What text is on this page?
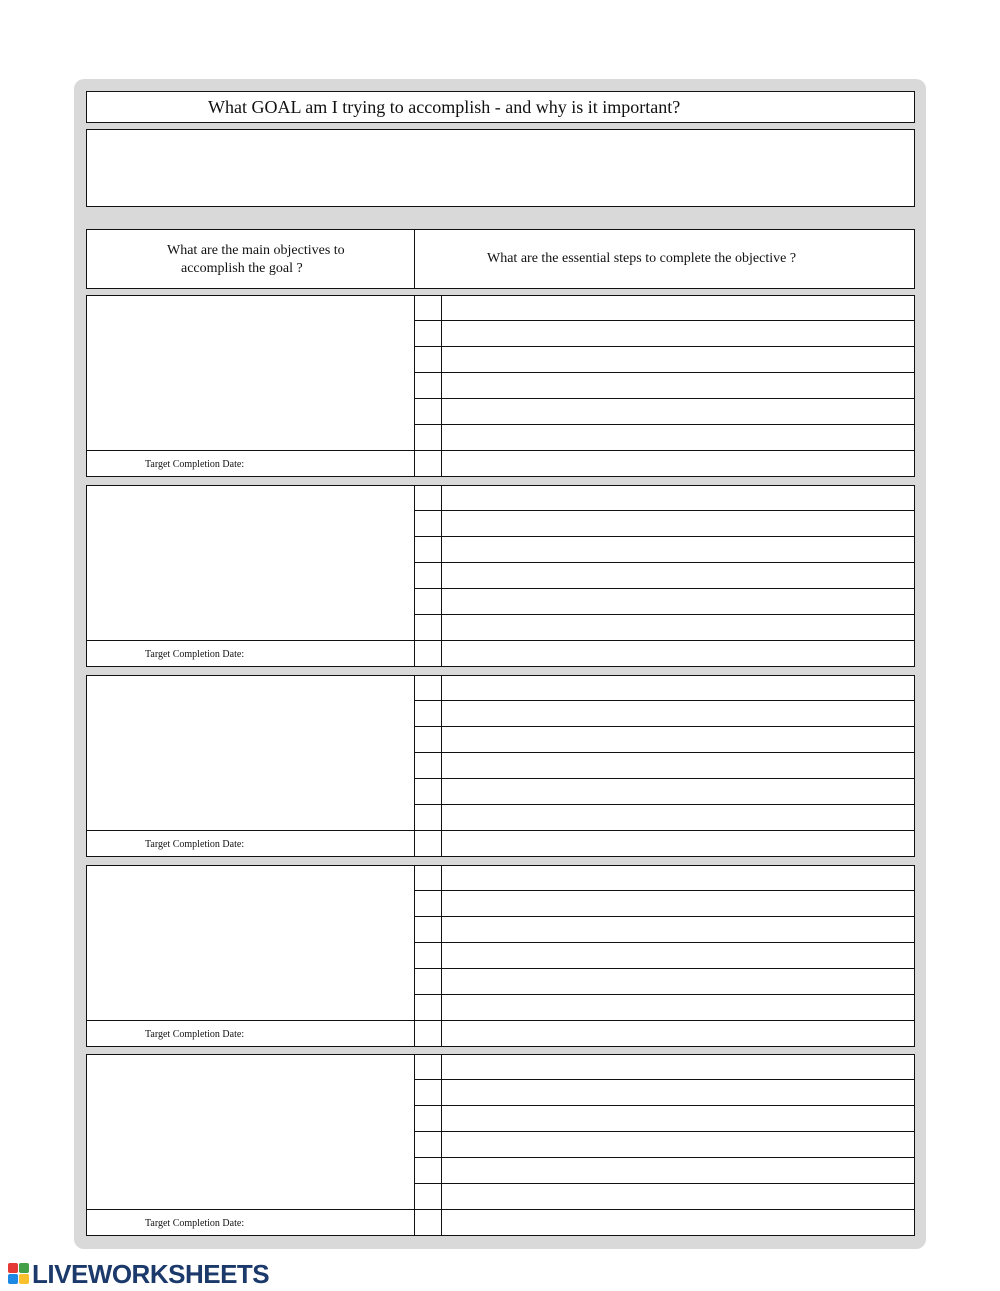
What GOAL am I trying to accomplish - and why is it important?
What are the main objectives to
accomplish the goal ?
What are the essential steps to complete the objective ?
Target Completion Date:
Target Completion Date:
Target Completion Date:
Target Completion Date:
Target Completion Date:
LIVEWORKSHEETS
